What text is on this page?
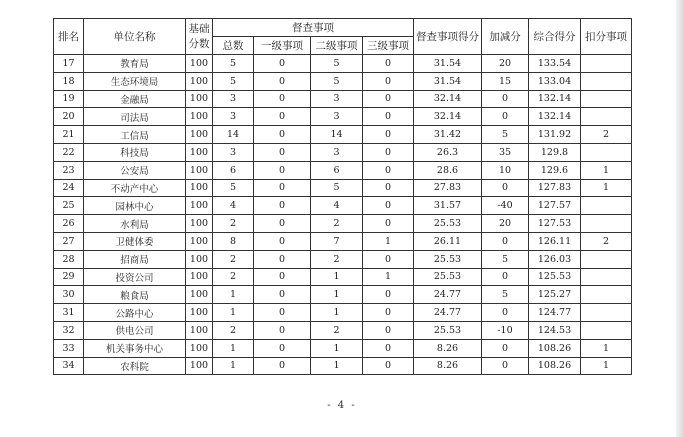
排名	单位名称	基础分数	督查事项				督查事项得分	加减分	综合得分	扣分事项
			总数	一级事项	二级事项	三级事项				
17	教育局	100	5	0	5	0	31.54	20	133.54	
18	生态环境局	100	5	0	5	0	31.54	15	133.04	
19	金融局	100	3	0	3	0	32.14	0	132.14	
20	司法局	100	3	0	3	0	32.14	0	132.14	
21	工信局	100	14	0	14	0	31.42	5	131.92	2
22	科技局	100	3	0	3	0	26.3	35	129.8	
23	公安局	100	6	0	6	0	28.6	10	129.6	1
24	不动产中心	100	5	0	5	0	27.83	0	127.83	1
25	园林中心	100	4	0	4	0	31.57	-40	127.57	
26	水利局	100	2	0	2	0	25.53	20	127.53	
27	卫健体委	100	8	0	7	1	26.11	0	126.11	2
28	招商局	100	2	0	2	0	25.53	5	126.03	
29	投资公司	100	2	0	1	1	25.53	0	125.53	
30	粮食局	100	1	0	1	0	24.77	5	125.27	
31	公路中心	100	1	0	1	0	24.77	0	124.77	
32	供电公司	100	2	0	2	0	25.53	-10	124.53	
33	机关事务中心	100	1	0	1	0	8.26	0	108.26	1
34	农科院	100	1	0	1	0	8.26	0	108.26	1
- 4 -
